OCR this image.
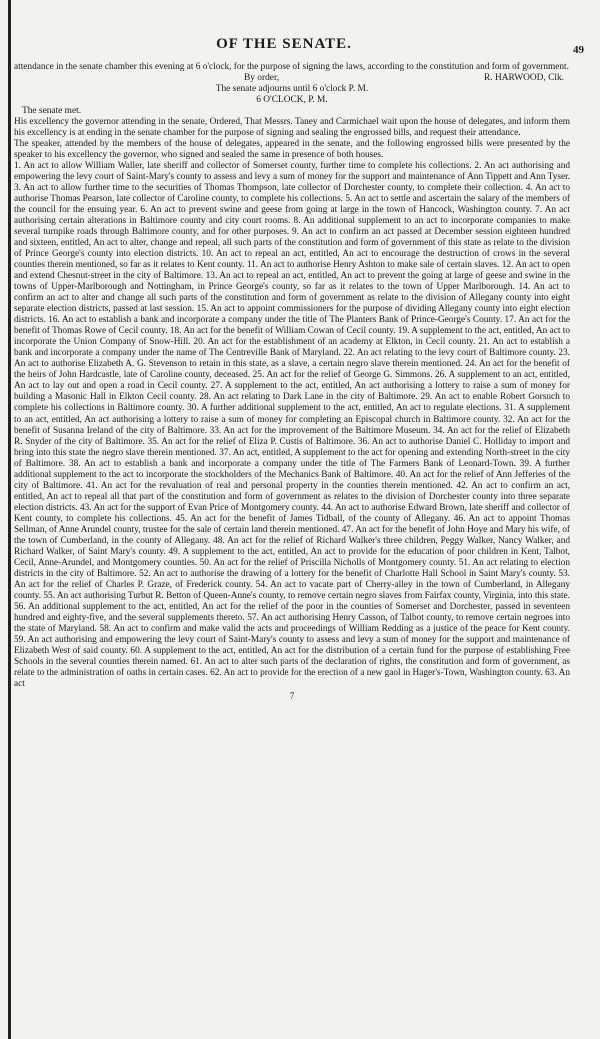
OF THE SENATE.	49
attendance in the senate chamber this evening at 6 o'clock, for the purpose of signing the laws, according to the constitution and form of government.
By order,	R. HARWOOD, Clk.
The senate adjourns until 6 o'clock P. M.
6 O'CLOCK, P. M.
The senate met.
His excellency the governor attending in the senate, Ordered, That Messrs. Taney and Carmichael wait upon the house of delegates, and inform them his excellency is at ending in the senate chamber for the purpose of signing and sealing the engrossed bills, and request their attendance.
The speaker, attended by the members of the house of delegates, appeared in the senate, and the following engrossed bills were presented by the speaker to his excellency the governor, who signed and sealed the same in presence of both houses.
1. An act to allow William Waller, late sheriff and collector of Somerset county, further time to complete his collections. 2. An act authorising and empowering the levy court of Saint-Mary's county to assess and levy a sum of money for the support and maintenance of Ann Tippett and Ann Tyser. 3. An act to allow further time to the securities of Thomas Thompson, late collector of Dorchester county, to complete their collection. 4. An act to authorise Thomas Pearson, late collector of Caroline county, to complete his collections. 5. An act to settle and ascertain the salary of the members of the council for the ensuing year. 6. An act to prevent swine and geese from going at large in the town of Hancock, Washington county. 7. An act authorising certain alterations in Baltimore county and city court rooms. 8. An additional supplement to an act to incorporate companies to make several turnpike roads through Baltimore county, and for other purposes. 9. An act to confirm an act passed at December session eighteen hundred and sixteen, entitled, An act to alter, change and repeal, all such parts of the constitution and form of government of this state as relate to the division of Prince George's county into election districts. 10. An act to repeal an act, entitled, An act to encourage the destruction of crows in the several counties therein mentioned, so far as it relates to Kent county. 11. An act to authorise Henry Ashton to make sale of certain slaves. 12. An act to open and extend Chesnut-street in the city of Baltimore. 13. An act to repeal an act, entitled, An act to prevent the going at large of geese and swine in the towns of Upper-Marlborough and Nottingham, in Prince George's county, so far as it relates to the town of Upper Marlborough. 14. An act to confirm an act to alter and change all such parts of the constitution and form of government as relate to the division of Allegany county into eight separate election districts, passed at last session. 15. An act to appoint commissioners for the purpose of dividing Allegany county into eight election districts. 16. An act to establish a bank and incorporate a company under the title of The Planters Bank of Prince-George's County. 17. An act for the benefit of Thomas Rowe of Cecil county. 18. An act for the benefit of William Cowan of Cecil county. 19. A supplement to the act, entitled, An act to incorporate the Union Company of Snow-Hill. 20. An act for the establishment of an academy at Elkton, in Cecil county. 21. An act to establish a bank and incorporate a company under the name of The Centreville Bank of Maryland. 22. An act relating to the levy court of Baltimore county. 23. An act to authorise Elizabeth A. G. Stevenson to retain in this state, as a slave, a certain negro slave therein mentioned. 24. An act for the benefit of the heirs of John Hardcastle, late of Caroline county, deceased. 25. An act for the relief of George G. Simmons. 26. A supplement to an act, entitled, An act to lay out and open a road in Cecil county. 27. A supplement to the act, entitled, An act authorising a lottery to raise a sum of money for building a Masonic Hall in Elkton Cecil county. 28. An act relating to Dark Lane in the city of Baltimore. 29. An act to enable Robert Gorsuch to complete his collections in Baltimore county. 30. A further additional supplement to the act, entitled, An act to regulate elections. 31. A supplement to an act, entitled, An act authorising a lottery to raise a sum of money for completing an Episcopal church in Baltimore county. 32. An act for the benefit of Susanna Ireland of the city of Baltimore. 33. An act for the improvement of the Baltimore Museum. 34. An act for the relief of Elizabeth R. Snyder of the city of Baltimore. 35. An act for the relief of Eliza P. Custis of Baltimore. 36. An act to authorise Daniel C. Holliday to import and bring into this state the negro slave therein mentioned. 37. An act, entitled, A supplement to the act for opening and extending North-street in the city of Baltimore. 38. An act to establish a bank and incorporate a company under the title of The Farmers Bank of Leonard-Town. 39. A further additional supplement to the act to incorporate the stockholders of the Mechanics Bank of Baltimore. 40. An act for the relief of Ann Jefferies of the city of Baltimore. 41. An act for the revaluation of real and personal property in the counties therein mentioned. 42. An act to confirm an act, entitled, An act to repeal all that part of the constitution and form of government as relates to the division of Dorchester county into three separate election districts. 43. An act for the support of Evan Price of Montgomery county. 44. An act to authorise Edward Brown, late sheriff and collector of Kent county, to complete his collections. 45. An act for the benefit of James Tidball, of the county of Allegany. 46. An act to appoint Thomas Sellman, of Anne Arundel county, trustee for the sale of certain land therein mentioned. 47. An act for the benefit of John Hoye and Mary his wife, of the town of Cumberland, in the county of Allegany. 48. An act for the relief of Richard Walker's three children, Peggy Walker, Nancy Walker, and Richard Walker, of Saint Mary's county. 49. A supplement to the act, entitled, An act to provide for the education of poor children in Kent, Talbot, Cecil, Anne-Arundel, and Montgomery counties. 50. An act for the relief of Priscilla Nicholls of Montgomery county. 51. An act relating to election districts in the city of Baltimore. 52. An act to authorise the drawing of a lottery for the benefit of Charlotte Hall School in Saint Mary's county. 53. An act for the relief of Charles P. Graze, of Frederick county. 54. An act to vacate part of Cherry-alley in the town of Cumberland, in Allegany county. 55. An act authorising Turbut R. Betton of Queen-Anne's county, to remove certain negro slaves from Fairfax county, Virginia, into this state. 56. An additional supplement to the act, entitled, An act for the relief of the poor in the counties of Somerset and Dorchester, passed in seventeen hundred and eighty-five, and the several supplements thereto. 57. An act authorising Henry Casson, of Talbot county, to remove certain negroes into the state of Maryland. 58. An act to confirm and make valid the acts and proceedings of William Redding as a justice of the peace for Kent county. 59. An act authorising and empowering the levy court of Saint-Mary's county to assess and levy a sum of money for the support and maintenance of Elizabeth West of said county. 60. A supplement to the act, entitled, An act for the distribution of a certain fund for the purpose of establishing Free Schools in the several counties therein named. 61. An act to alter such parts of the declaration of rights, the constitution and form of government, as relate to the administration of oaths in certain cases. 62. An act to provide for the erection of a new gaol in Hager's-Town, Washington county. 63. An act
7
